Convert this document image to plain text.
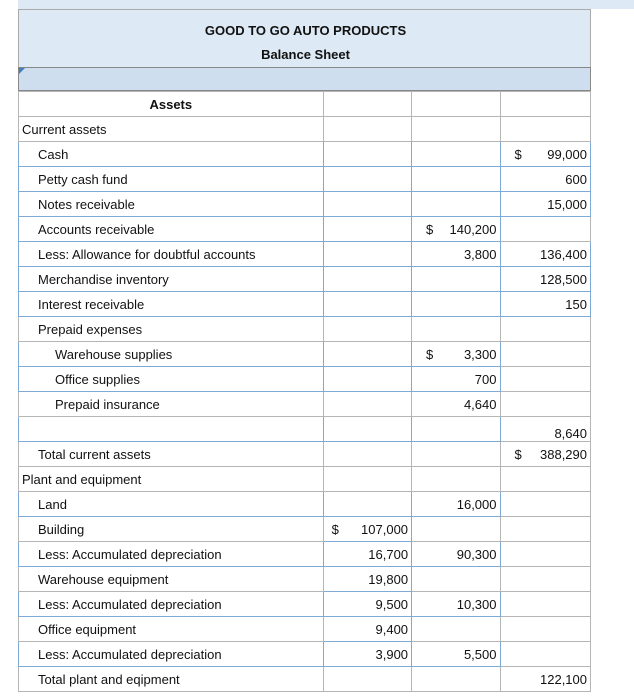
GOOD TO GO AUTO PRODUCTS
Balance Sheet
Assets			
Current assets			
Cash			$ 99,000

Petty cash fund			600
Notes receivable			15,000
Accounts receivable		$ 140,200	

Less: Allowance for doubtful accounts		3,800	136,400
Merchandise inventory			128,500
Interest receivable			150
Prepaid expenses			
Warehouse supplies		$ 3,300	

Office supplies		700	
Prepaid insurance		4,640	
			8,640
Total current assets			$ 388,290

Plant and equipment			
Land		16,000	
Building	$ 107,000		

Less: Accumulated depreciation	16,700	90,300	
Warehouse equipment	19,800		
Less: Accumulated depreciation	9,500	10,300	
Office equipment	9,400		
Less: Accumulated depreciation	3,900	5,500	
Total plant and eqipment			122,100
